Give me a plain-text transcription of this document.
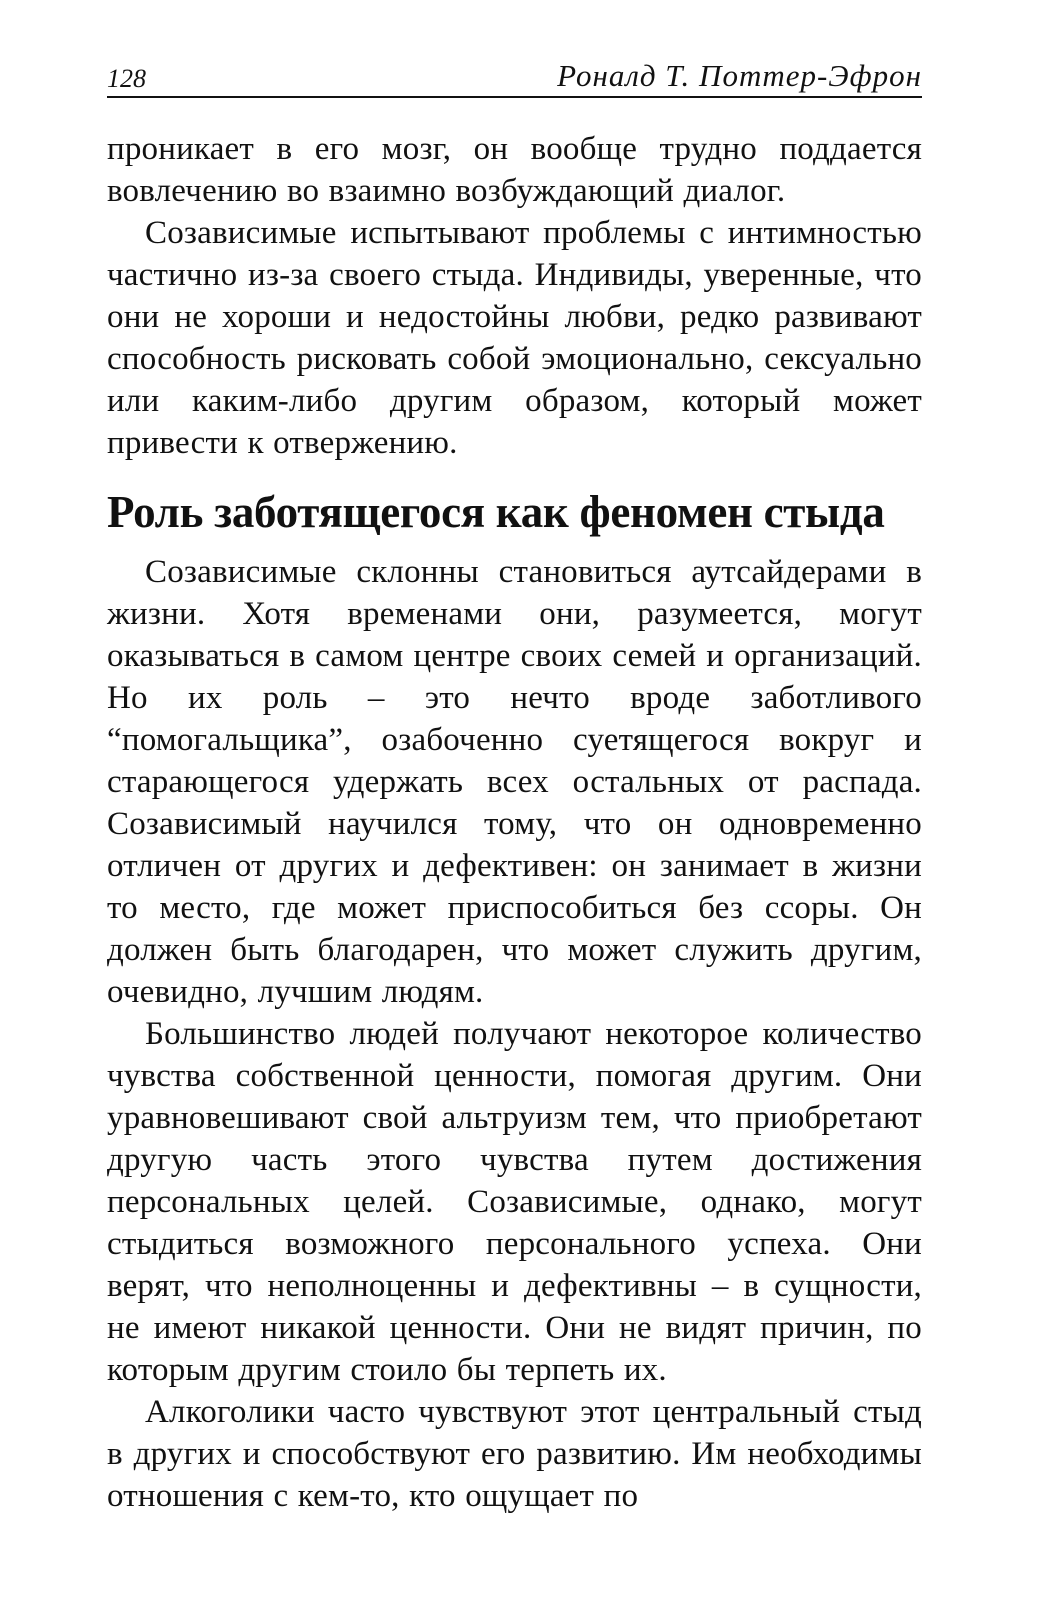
128	Роналд Т. Поттер-Эфрон

проникает в его мозг, он вообще трудно поддается вовлечению во взаимно возбуждающий диалог.

Созависимые испытывают проблемы с интимностью частично из-за своего стыда. Индивиды, уверенные, что они не хороши и недостойны любви, редко развивают способность рисковать собой эмоционально, сексуально или каким-либо другим образом, который может привести к отвержению.

Роль заботящегося как феномен стыда

Созависимые склонны становиться аутсайдерами в жизни. Хотя временами они, разумеется, могут оказываться в самом центре своих семей и организаций. Но их роль – это нечто вроде заботливого “помогальщика”, озабоченно суетящегося вокруг и старающегося удержать всех остальных от распада. Созависимый научился тому, что он одновременно отличен от других и дефективен: он занимает в жизни то место, где может приспособиться без ссоры. Он должен быть благодарен, что может служить другим, очевидно, лучшим людям.

Большинство людей получают некоторое количество чувства собственной ценности, помогая другим. Они уравновешивают свой альтруизм тем, что приобретают другую часть этого чувства путем достижения персональных целей. Созависимые, однако, могут стыдиться возможного персонального успеха. Они верят, что неполноценны и дефективны – в сущности, не имеют никакой ценности. Они не видят причин, по которым другим стоило бы терпеть их.

Алкоголики часто чувствуют этот центральный стыд в других и способствуют его развитию. Им необходимы отношения с кем-то, кто ощущает по
